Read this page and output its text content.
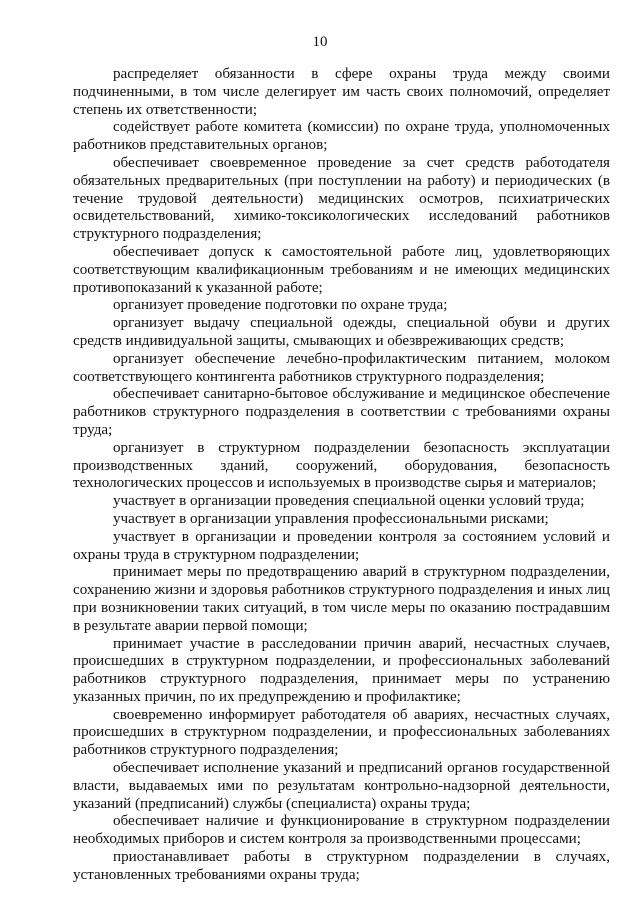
10

распределяет обязанности в сфере охраны труда между своими подчиненными, в том числе делегирует им часть своих полномочий, определяет степень их ответственности;

содействует работе комитета (комиссии) по охране труда, уполномоченных работников представительных органов;

обеспечивает своевременное проведение за счет средств работодателя обязательных предварительных (при поступлении на работу) и периодических (в течение трудовой деятельности) медицинских осмотров, психиатрических освидетельствований, химико-токсикологических исследований работников структурного подразделения;

обеспечивает допуск к самостоятельной работе лиц, удовлетворяющих соответствующим квалификационным требованиям и не имеющих медицинских противопоказаний к указанной работе;

организует проведение подготовки по охране труда;

организует выдачу специальной одежды, специальной обуви и других средств индивидуальной защиты, смывающих и обезвреживающих средств;

организует обеспечение лечебно-профилактическим питанием, молоком соответствующего контингента работников структурного подразделения;

обеспечивает санитарно-бытовое обслуживание и медицинское обеспечение работников структурного подразделения в соответствии с требованиями охраны труда;

организует в структурном подразделении безопасность эксплуатации производственных зданий, сооружений, оборудования, безопасность технологических процессов и используемых в производстве сырья и материалов;

участвует в организации проведения специальной оценки условий труда;

участвует в организации управления профессиональными рисками;

участвует в организации и проведении контроля за состоянием условий и охраны труда в структурном подразделении;

принимает меры по предотвращению аварий в структурном подразделении, сохранению жизни и здоровья работников структурного подразделения и иных лиц при возникновении таких ситуаций, в том числе меры по оказанию пострадавшим в результате аварии первой помощи;

принимает участие в расследовании причин аварий, несчастных случаев, происшедших в структурном подразделении, и профессиональных заболеваний работников структурного подразделения, принимает меры по устранению указанных причин, по их предупреждению и профилактике;

своевременно информирует работодателя об авариях, несчастных случаях, происшедших в структурном подразделении, и профессиональных заболеваниях работников структурного подразделения;

обеспечивает исполнение указаний и предписаний органов государственной власти, выдаваемых ими по результатам контрольно-надзорной деятельности, указаний (предписаний) службы (специалиста) охраны труда;

обеспечивает наличие и функционирование в структурном подразделении необходимых приборов и систем контроля за производственными процессами;

приостанавливает работы в структурном подразделении в случаях, установленных требованиями охраны труда;
